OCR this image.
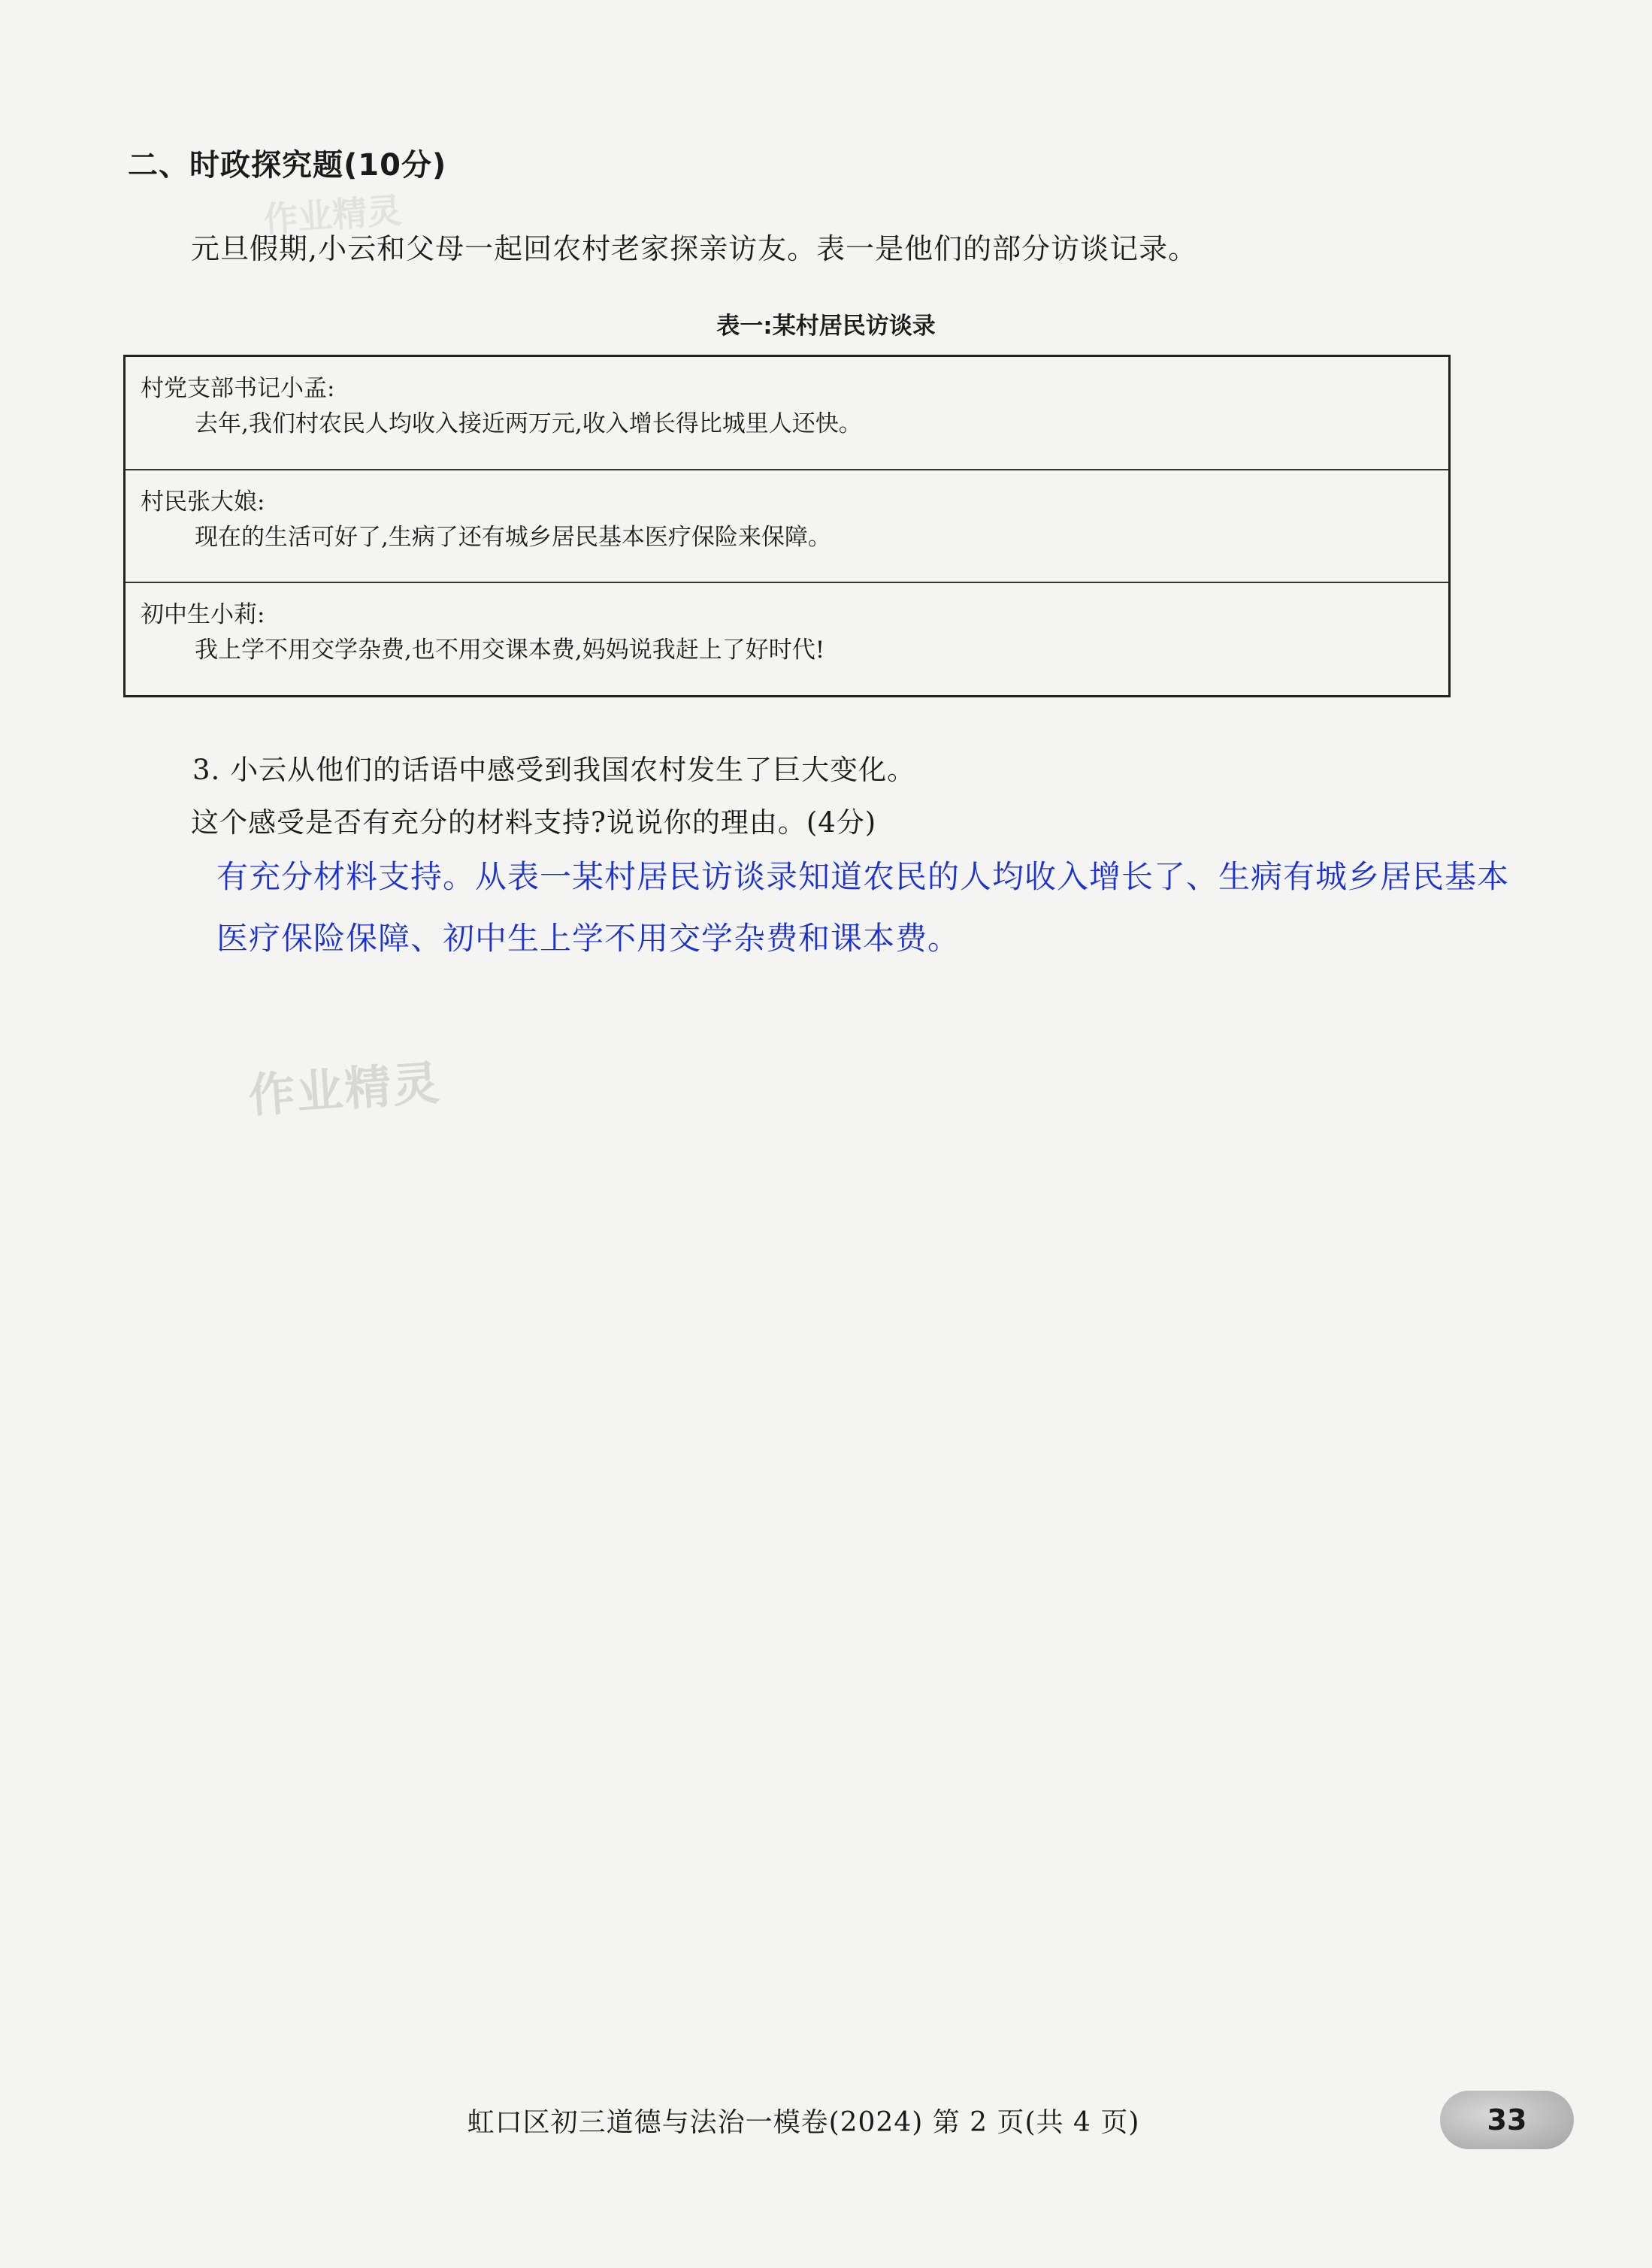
作业精灵
二、时政探究题(10分)
元旦假期,小云和父母一起回农村老家探亲访友。表一是他们的部分访谈记录。
表一:某村居民访谈录
村党支部书记小孟:
去年,我们村农民人均收入接近两万元,收入增长得比城里人还快。
村民张大娘:
现在的生活可好了,生病了还有城乡居民基本医疗保险来保障。
初中生小莉:
我上学不用交学杂费,也不用交课本费,妈妈说我赶上了好时代!
3. 小云从他们的话语中感受到我国农村发生了巨大变化。
这个感受是否有充分的材料支持?说说你的理由。(4分)
有充分材料支持。从表一某村居民访谈录知道农民的人均收入增长了、生病有城乡居民基本医疗保险保障、初中生上学不用交学杂费和课本费。
作业精灵
虹口区初三道德与法治一模卷(2024) 第 2 页(共 4 页)	33
